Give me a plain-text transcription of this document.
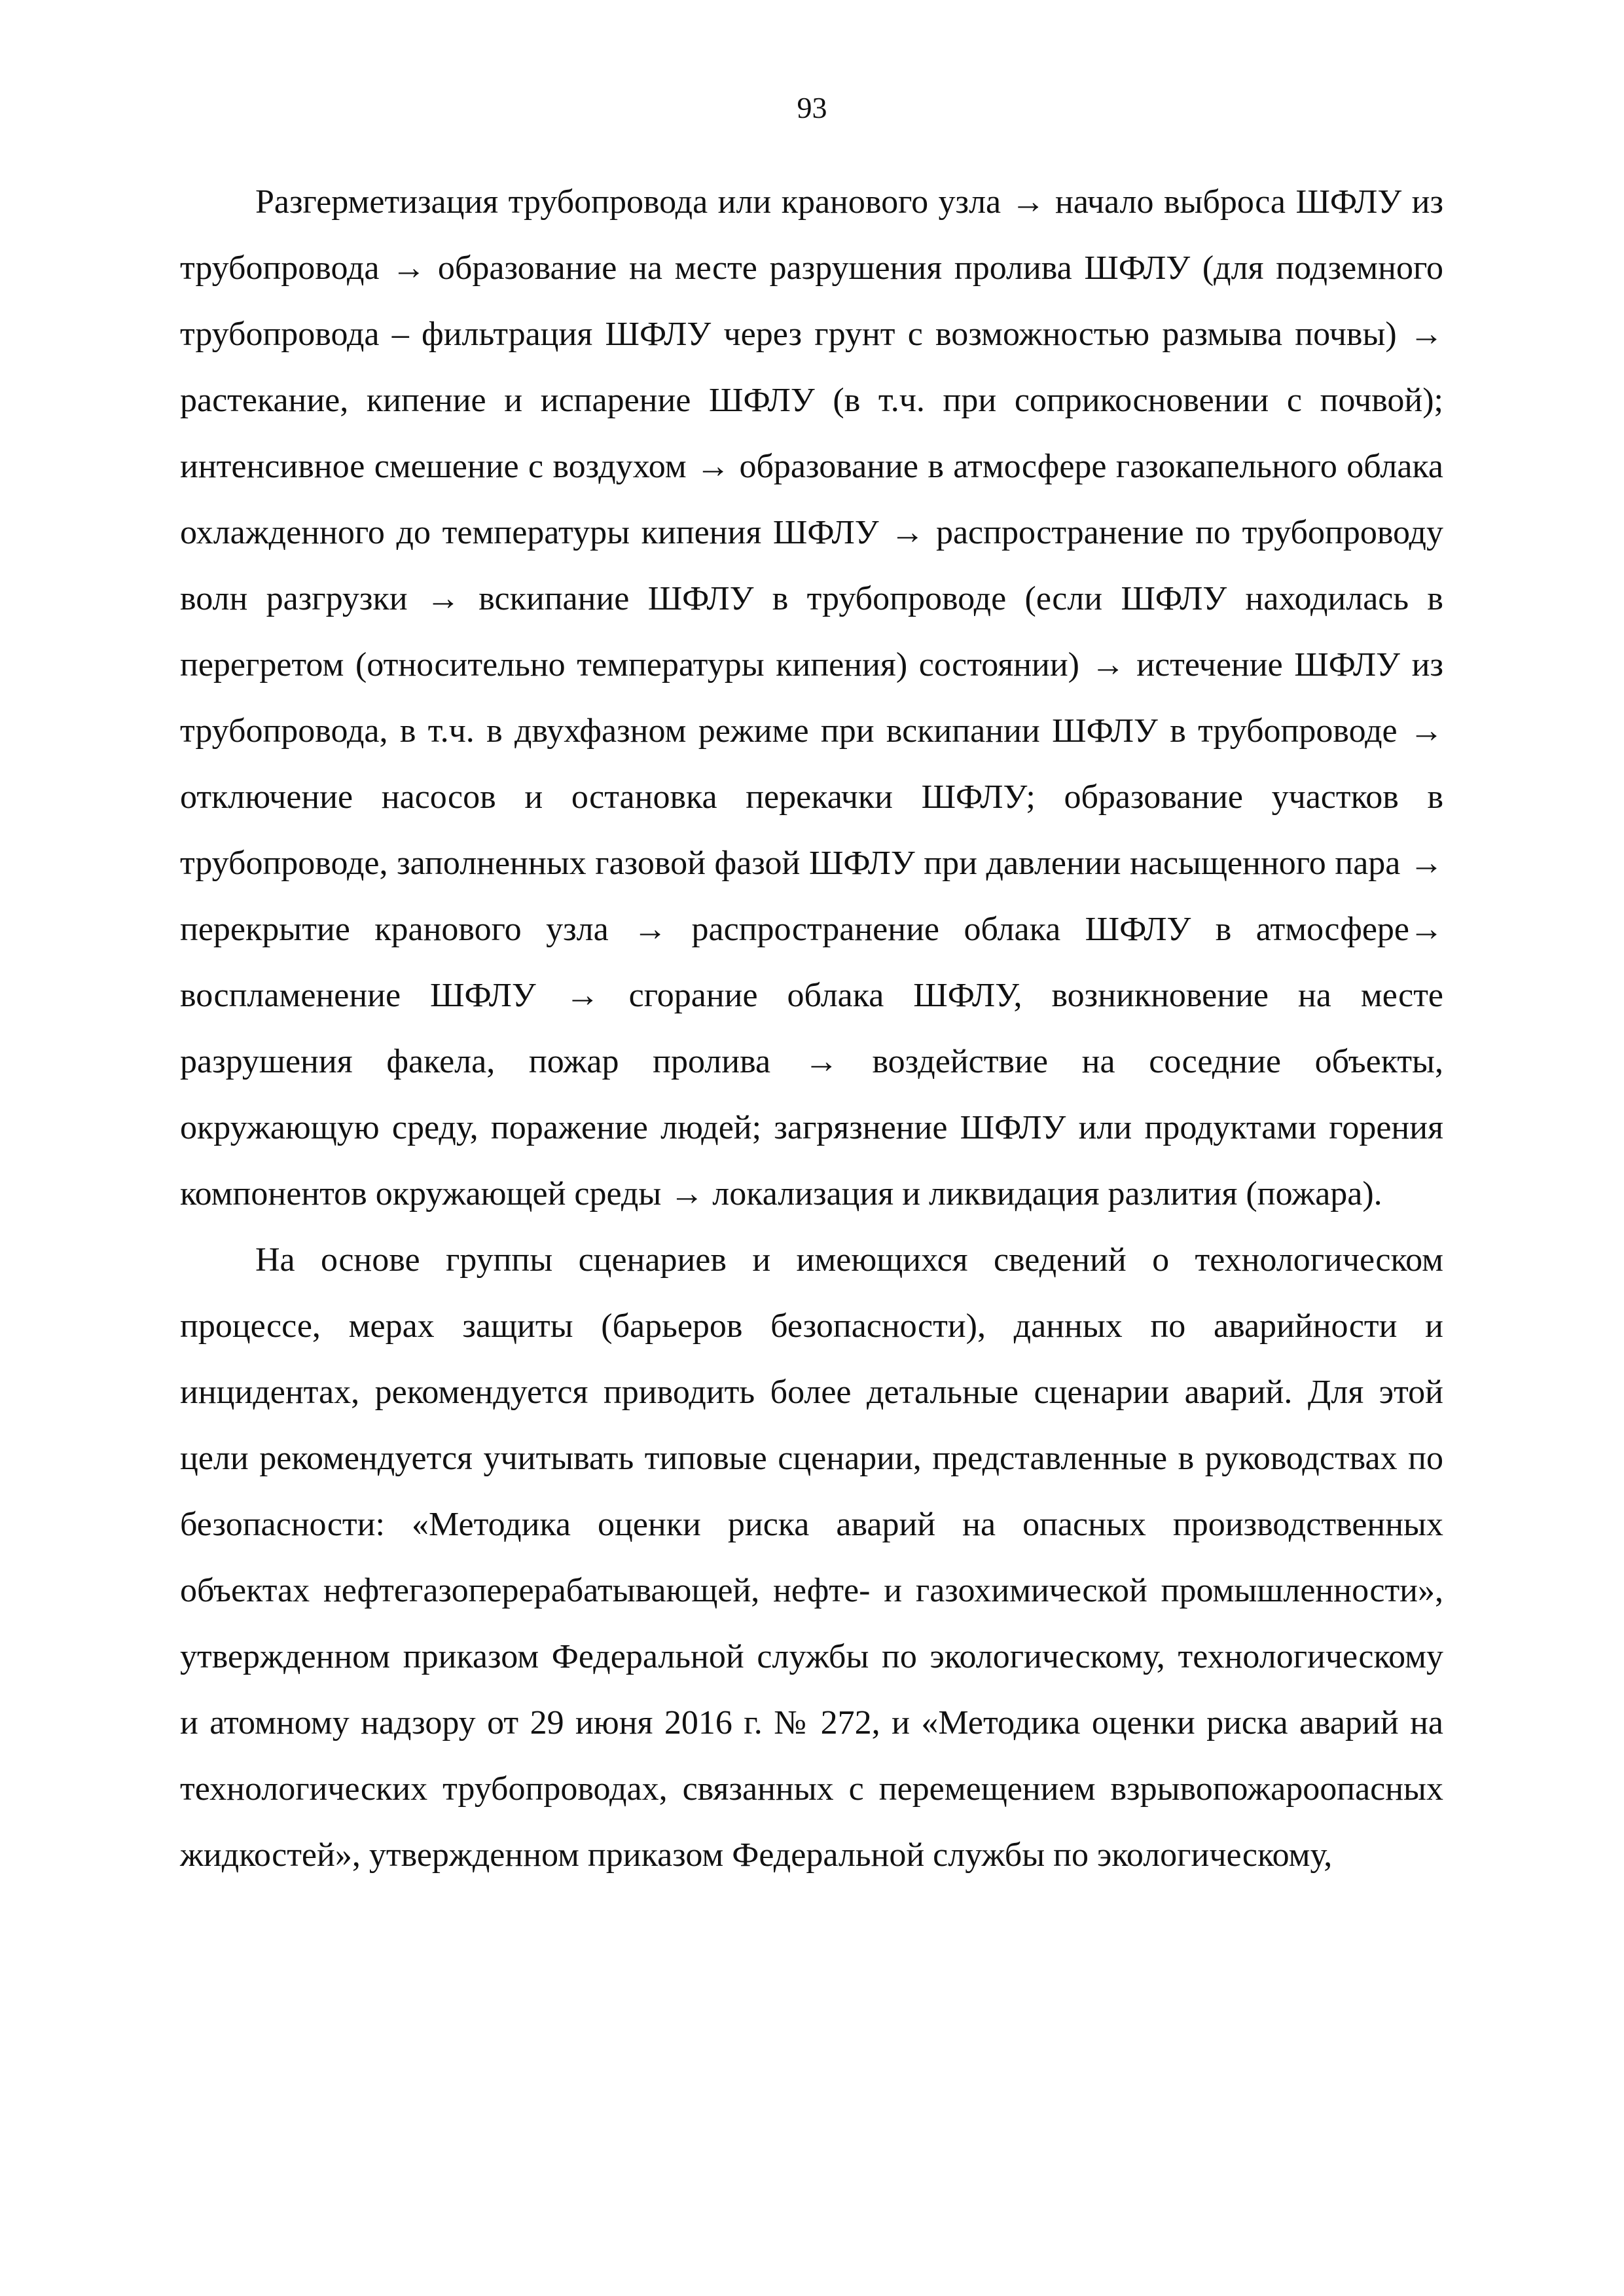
93

Разгерметизация трубопровода или кранового узла → начало выброса ШФЛУ из трубопровода → образование на месте разрушения пролива ШФЛУ (для подземного трубопровода – фильтрация ШФЛУ через грунт с возможностью размыва почвы) → растекание, кипение и испарение ШФЛУ (в т.ч. при соприкосновении с почвой); интенсивное смешение с воздухом → образование в атмосфере газокапельного облака охлажденного до температуры кипения ШФЛУ → распространение по трубопроводу волн разгрузки → вскипание ШФЛУ в трубопроводе (если ШФЛУ находилась в перегретом (относительно температуры кипения) состоянии) → истечение ШФЛУ из трубопровода, в т.ч. в двухфазном режиме при вскипании ШФЛУ в трубопроводе → отключение насосов и остановка перекачки ШФЛУ; образование участков в трубопроводе, заполненных газовой фазой ШФЛУ при давлении насыщенного пара → перекрытие кранового узла → распространение облака ШФЛУ в атмосфере→ воспламенение ШФЛУ → сгорание облака ШФЛУ, возникновение на месте разрушения факела, пожар пролива → воздействие на соседние объекты, окружающую среду, поражение людей; загрязнение ШФЛУ или продуктами горения компонентов окружающей среды → локализация и ликвидация разлития (пожара).

На основе группы сценариев и имеющихся сведений о технологическом процессе, мерах защиты (барьеров безопасности), данных по аварийности и инцидентах, рекомендуется приводить более детальные сценарии аварий. Для этой цели рекомендуется учитывать типовые сценарии, представленные в руководствах по безопасности: «Методика оценки риска аварий на опасных производственных объектах нефтегазоперерабатывающей, нефте- и газохимической промышленности», утвержденном приказом Федеральной службы по экологическому, технологическому и атомному надзору от 29 июня 2016 г. № 272, и «Методика оценки риска аварий на технологических трубопроводах, связанных с перемещением взрывопожароопасных жидкостей», утвержденном приказом Федеральной службы по экологическому,
